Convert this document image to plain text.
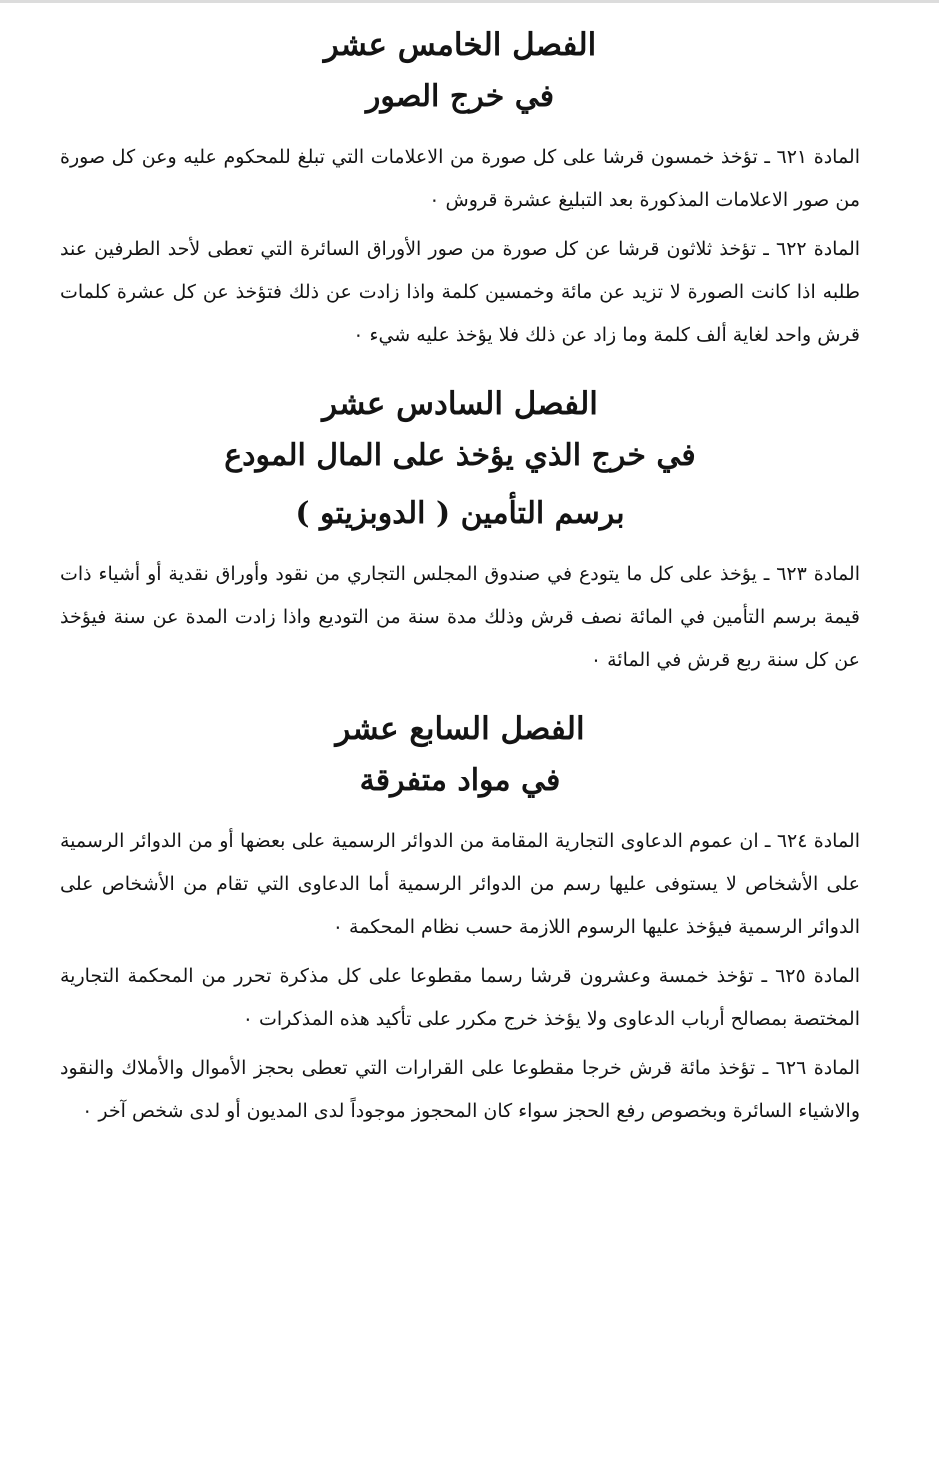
الفصل الخامس عشر
في خرج الصور

المادة ٦٢١ ـ تؤخذ خمسون قرشا على كل صورة من الاعلامات التي تبلغ للمحكوم عليه وعن كل صورة من صور الاعلامات المذكورة بعد التبليغ عشرة قروش ٠

المادة ٦٢٢ ـ تؤخذ ثلاثون قرشا عن كل صورة من صور الأوراق السائرة التي تعطى لأحد الطرفين عند طلبه اذا كانت الصورة لا تزيد عن مائة وخمسين كلمة واذا زادت عن ذلك فتؤخذ عن كل عشرة كلمات قرش واحد لغاية ألف كلمة وما زاد عن ذلك فلا يؤخذ عليه شيء ٠

الفصل السادس عشر
في خرج الذي يؤخذ على المال المودع
برسم التأمين ( الدوبزيتو )

المادة ٦٢٣ ـ يؤخذ على كل ما يتودع في صندوق المجلس التجاري من نقود وأوراق نقدية أو أشياء ذات قيمة برسم التأمين في المائة نصف قرش وذلك مدة سنة من التوديع واذا زادت المدة عن سنة فيؤخذ عن كل سنة ربع قرش في المائة ٠

الفصل السابع عشر
في مواد متفرقة

المادة ٦٢٤ ـ ان عموم الدعاوى التجارية المقامة من الدوائر الرسمية على بعضها أو من الدوائر الرسمية على الأشخاص لا يستوفى عليها رسم من الدوائر الرسمية أما الدعاوى التي تقام من الأشخاص على الدوائر الرسمية فيؤخذ عليها الرسوم اللازمة حسب نظام المحكمة ٠

المادة ٦٢٥ ـ تؤخذ خمسة وعشرون قرشا رسما مقطوعا على كل مذكرة تحرر من المحكمة التجارية المختصة بمصالح أرباب الدعاوى ولا يؤخذ خرج مكرر على تأكيد هذه المذكرات ٠

المادة ٦٢٦ ـ تؤخذ مائة قرش خرجا مقطوعا على القرارات التي تعطى بحجز الأموال والأملاك والنقود والاشياء السائرة وبخصوص رفع الحجز سواء كان المحجوز موجوداً لدى المديون أو لدى شخص آخر ٠
